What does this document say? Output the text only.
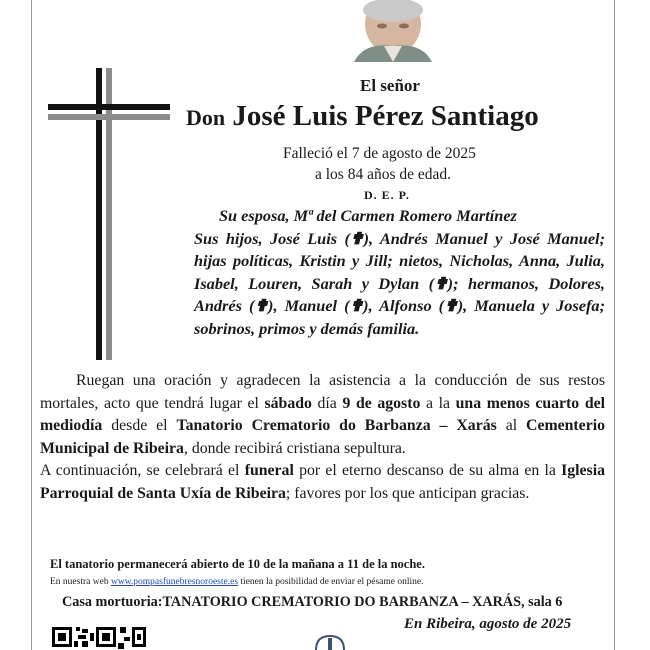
El señor
Don José Luis Pérez Santiago
Falleció el 7 de agosto de 2025
a los 84 años de edad.
D. E. P.
Su esposa, Mª del Carmen Romero Martínez
Sus hijos, José Luis (✟), Andrés Manuel y José Manuel; hijas políticas, Kristin y Jill; nietos, Nicholas, Anna, Julia, Isabel, Louren, Sarah y Dylan (✟); hermanos, Dolores, Andrés (✟), Manuel (✟), Alfonso (✟), Manuela y Josefa; sobrinos, primos y demás familia.

Ruegan una oración y agradecen la asistencia a la conducción de sus restos mortales, acto que tendrá lugar el sábado día 9 de agosto a la una menos cuarto del mediodía desde el Tanatorio Crematorio do Barbanza – Xarás al Cementerio Municipal de Ribeira, donde recibirá cristiana sepultura.

A continuación, se celebrará el funeral por el eterno descanso de su alma en la Iglesia Parroquial de Santa Uxía de Ribeira; favores por los que anticipan gracias.

El tanatorio permanecerá abierto de 10 de la mañana a 11 de la noche.
En nuestra web www.pompasfunebresnoroeste.es tienen la posibilidad de enviar el pésame online.
Casa mortuoria:TANATORIO CREMATORIO DO BARBANZA – XARÁS, sala 6
En Ribeira, agosto de 2025
